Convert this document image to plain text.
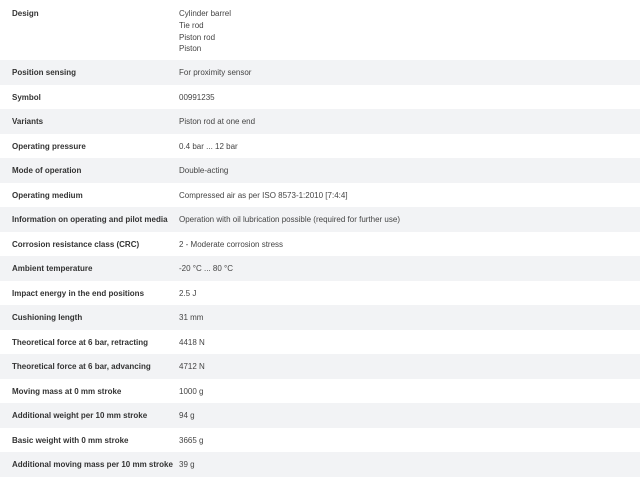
Design	Cylinder barrel
Tie rod
Piston rod
Piston
Position sensing	For proximity sensor
Symbol	00991235
Variants	Piston rod at one end
Operating pressure	0.4 bar ... 12 bar
Mode of operation	Double-acting
Operating medium	Compressed air as per ISO 8573-1:2010 [7:4:4]
Information on operating and pilot media	Operation with oil lubrication possible (required for further use)
Corrosion resistance class (CRC)	2 - Moderate corrosion stress
Ambient temperature	-20 °C ... 80 °C
Impact energy in the end positions	2.5 J
Cushioning length	31 mm
Theoretical force at 6 bar, retracting	4418 N
Theoretical force at 6 bar, advancing	4712 N
Moving mass at 0 mm stroke	1000 g
Additional weight per 10 mm stroke	94 g
Basic weight with 0 mm stroke	3665 g
Additional moving mass per 10 mm stroke 39 g
